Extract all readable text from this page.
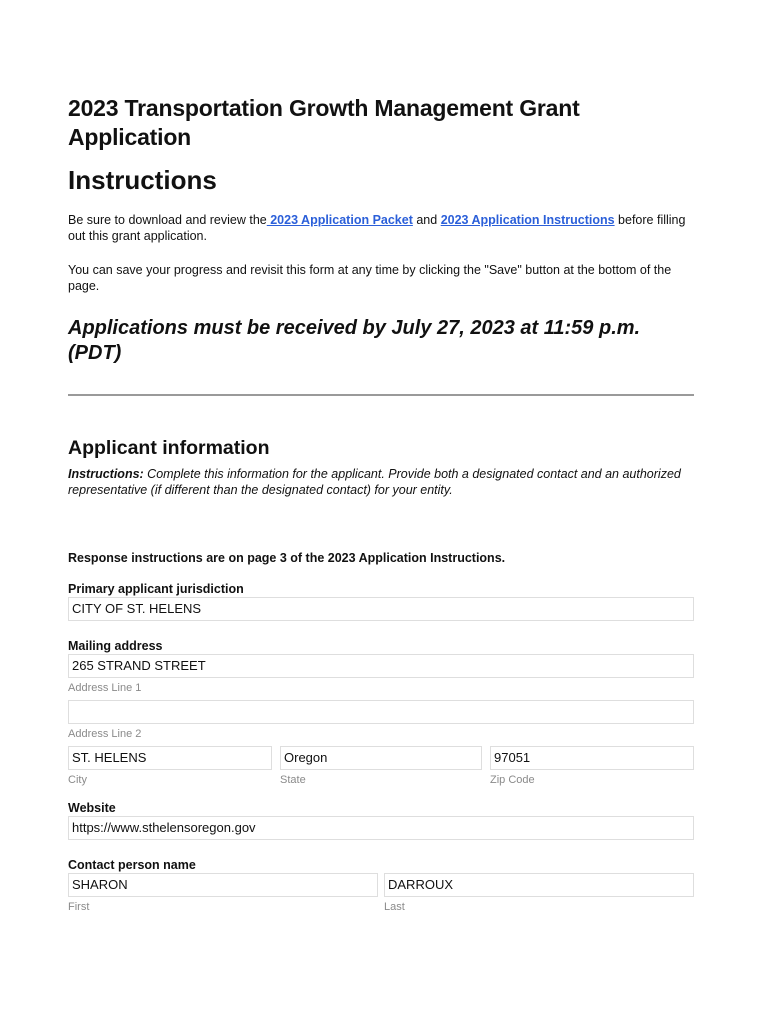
2023 Transportation Growth Management Grant Application
Instructions

Be sure to download and review the 2023 Application Packet and 2023 Application Instructions before filling out this grant application.

You can save your progress and revisit this form at any time by clicking the "Save" button at the bottom of the page.

Applications must be received by July 27, 2023 at 11:59 p.m. (PDT)
Applicant information

Instructions: Complete this information for the applicant. Provide both a designated contact and an authorized representative (if different than the designated contact) for your entity.

Response instructions are on page 3 of the 2023 Application Instructions.

Primary applicant jurisdiction

CITY OF ST. HELENS

Mailing address

265 STRAND STREET
Address Line 1
Address Line 2
ST. HELENS
City
Oregon
State
97051
Zip Code

Website

https://www.sthelensoregon.gov

Contact person name

SHARON
First
DARROUX
Last
